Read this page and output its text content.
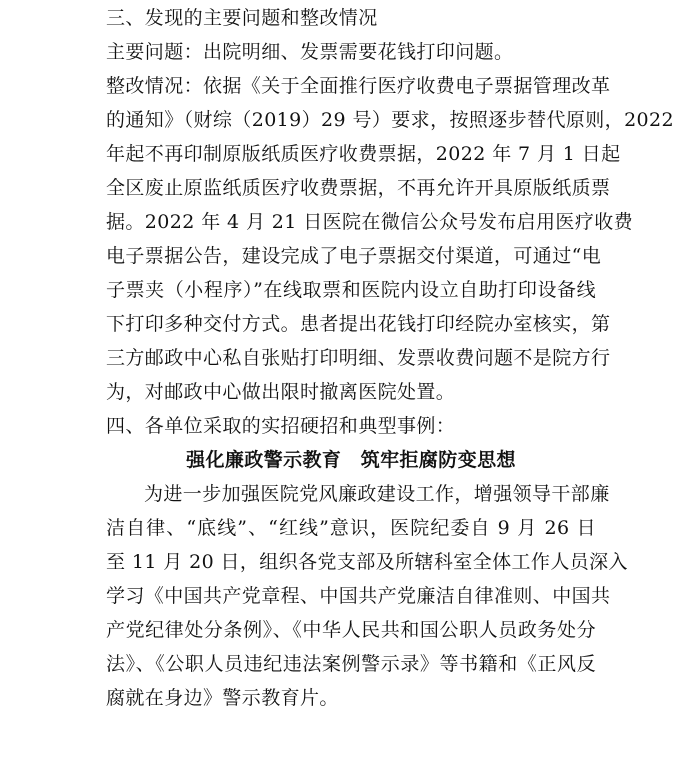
三、发现的主要问题和整改情况
主要问题：出院明细、发票需要花钱打印问题。
整改情况：依据《关于全面推行医疗收费电子票据管理改革
的通知》（财综（2019）29 号）要求，按照逐步替代原则，2022
年起不再印制原版纸质医疗收费票据，2022 年 7 月 1 日起
全区废止原监纸质医疗收费票据，不再允许开具原版纸质票
据。2022 年 4 月 21 日医院在微信公众号发布启用医疗收费
电子票据公告，建设完成了电子票据交付渠道，可通过“电
子票夹（小程序）”在线取票和医院内设立自助打印设备线
下打印多种交付方式。患者提出花钱打印经院办室核实，第
三方邮政中心私自张贴打印明细、发票收费问题不是院方行
为，对邮政中心做出限时撤离医院处置。
四、各单位采取的实招硬招和典型事例：
强化廉政警示教育　筑牢拒腐防变思想
为进一步加强医院党风廉政建设工作，增强领导干部廉
洁自律、“底线”、“红线”意识，医院纪委自 9 月 26 日
至 11 月 20 日，组织各党支部及所辖科室全体工作人员深入
学习《中国共产党章程、中国共产党廉洁自律准则、中国共
产党纪律处分条例》、《中华人民共和国公职人员政务处分
法》、《公职人员违纪违法案例警示录》等书籍和《正风反
腐就在身边》警示教育片。
